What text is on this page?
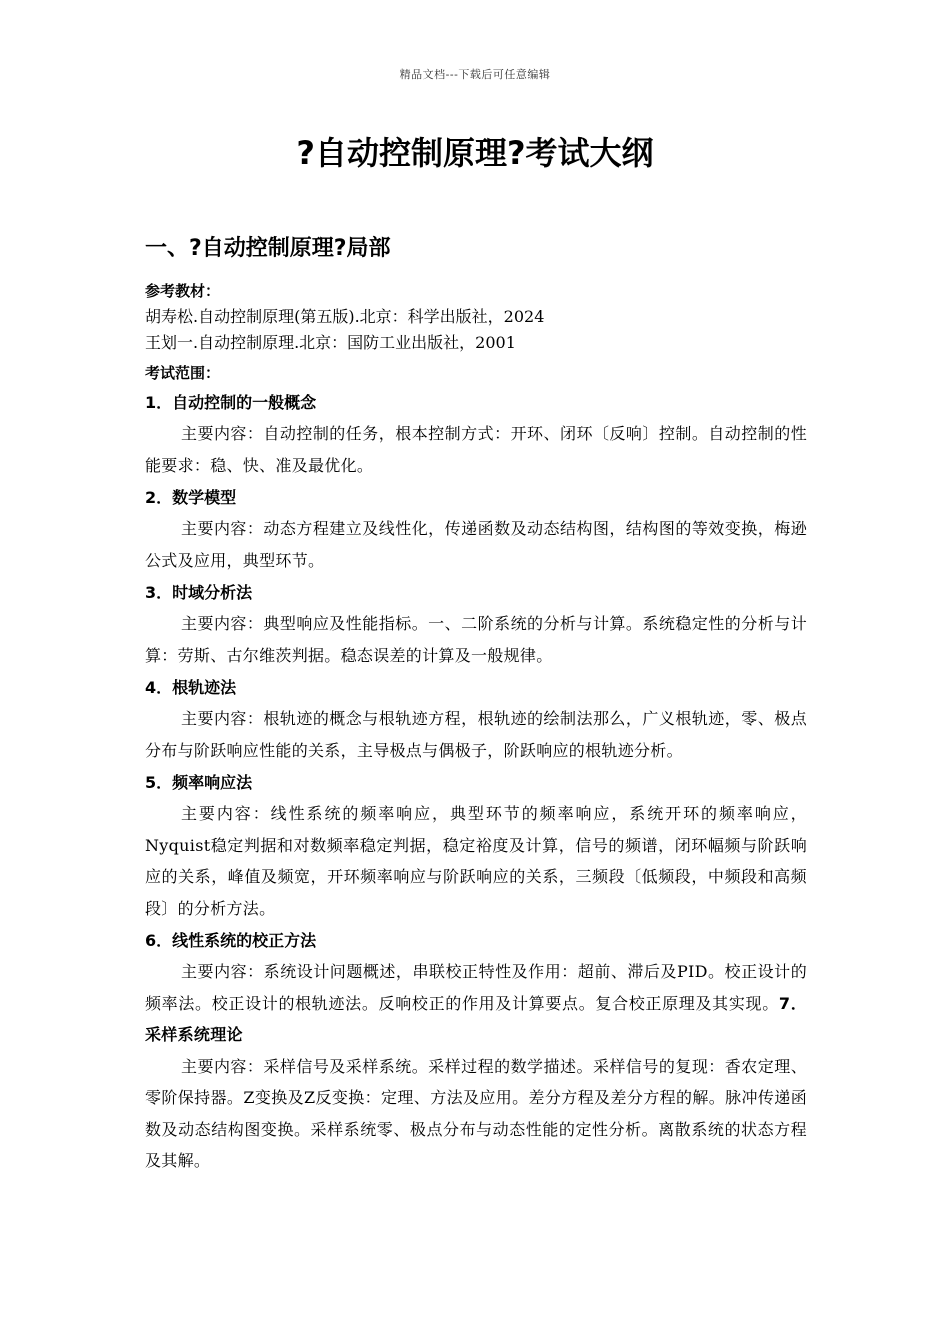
精品文档---下载后可任意编辑
?自动控制原理?考试大纲
一、?自动控制原理?局部
参考教材：
胡寿松.自动控制原理(第五版).北京：科学出版社，2024
王划一.自动控制原理.北京：国防工业出版社，2001
考试范围：
1．自动控制的一般概念

主要内容：自动控制的任务，根本控制方式：开环、闭环〔反响〕控制。自动控制的性能要求：稳、快、准及最优化。

2．数学模型

主要内容：动态方程建立及线性化，传递函数及动态结构图，结构图的等效变换，梅逊公式及应用，典型环节。

3．时域分析法

主要内容：典型响应及性能指标。一、二阶系统的分析与计算。系统稳定性的分析与计算：劳斯、古尔维茨判据。稳态误差的计算及一般规律。

4．根轨迹法

主要内容：根轨迹的概念与根轨迹方程，根轨迹的绘制法那么，广义根轨迹，零、极点分布与阶跃响应性能的关系，主导极点与偶极子，阶跃响应的根轨迹分析。

5．频率响应法

主要内容：线性系统的频率响应，典型环节的频率响应，系统开环的频率响应，Nyquist稳定判据和对数频率稳定判据，稳定裕度及计算，信号的频谱，闭环幅频与阶跃响应的关系，峰值及频宽，开环频率响应与阶跃响应的关系，三频段〔低频段，中频段和高频段〕的分析方法。

6．线性系统的校正方法

主要内容：系统设计问题概述，串联校正特性及作用：超前、滞后及PID。校正设计的频率法。校正设计的根轨迹法。反响校正的作用及计算要点。复合校正原理及其实现。7．采样系统理论

主要内容：采样信号及采样系统。采样过程的数学描述。采样信号的复现：香农定理、零阶保持器。Z变换及Z反变换：定理、方法及应用。差分方程及差分方程的解。脉冲传递函数及动态结构图变换。采样系统零、极点分布与动态性能的定性分析。离散系统的状态方程及其解。
